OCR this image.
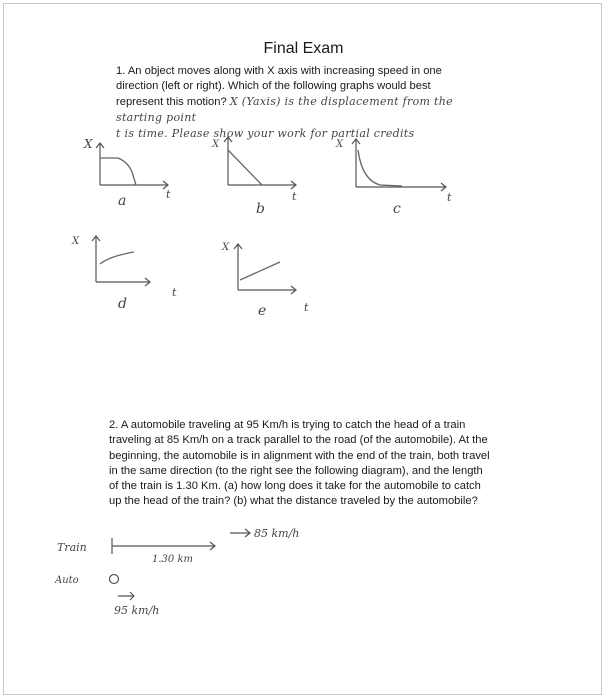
Final Exam
1. An object moves along with X axis with increasing speed in one direction (left or right). Which of the following graphs would best represent this motion? X (Yaxis) is the displacement from the starting point
t is time. Please show your work for partial credits
X
t
a
X
t
b
X
t
c
X
t
d
X
t
e
2. A automobile traveling at 95 Km/h is trying to catch the head of a train traveling at 85 Km/h on a track parallel to the road (of the automobile). At the beginning, the automobile is in alignment with the end of the train, both travel in the same direction (to the right see the following diagram), and the length of the train is 1.30 Km. (a) how long does it take for the automobile to catch up the head of the train? (b) what the distance traveled by the automobile?
Train
85 km/h
1.30 km
Auto
95 km/h
